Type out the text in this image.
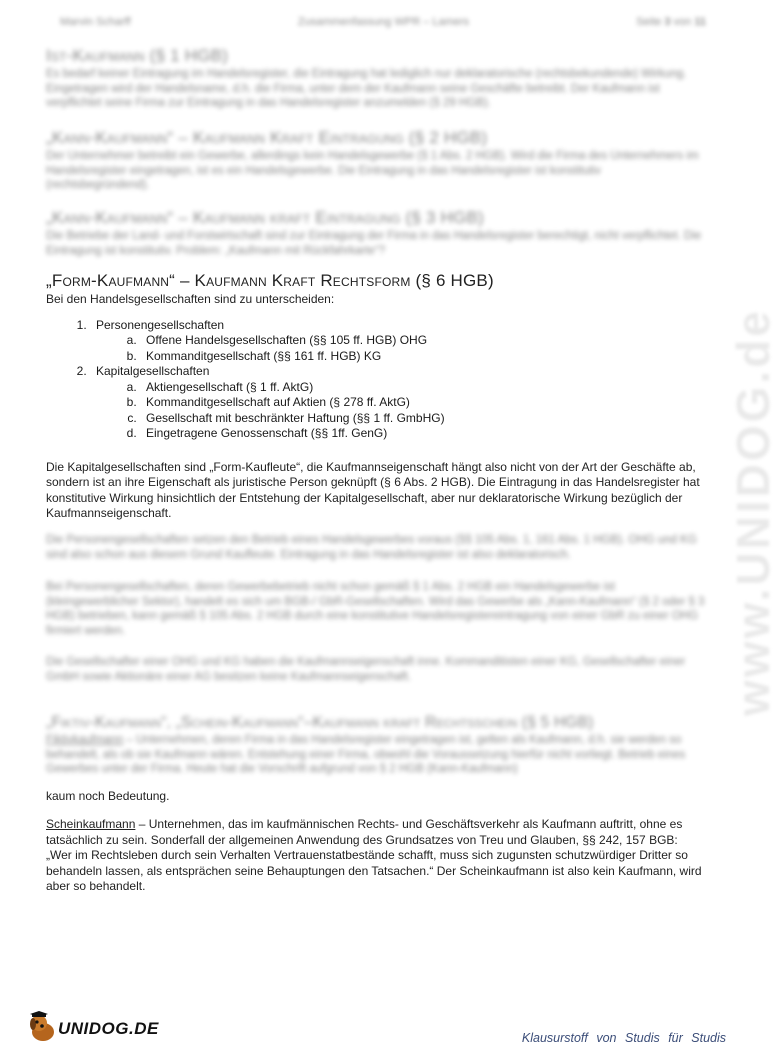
Marvin Scharff	Zusammenfassung WPR – Lamers	Seite 3 von 11
Ist-Kaufmann (§ 1 HGB)

Es bedarf keiner Eintragung im Handelsregister, die Eintragung hat lediglich nur deklaratorische (rechtsbekundende) Wirkung. Eingetragen wird der Handelsname, d.h. die Firma, unter dem der Kaufmann seine Geschäfte betreibt. Der Kaufmann ist verpflichtet seine Firma zur Eintragung in das Handelsregister anzumelden (§ 29 HGB).

„Kann-Kaufmann“ – Kaufmann Kraft Eintragung (§ 2 HGB)

Der Unternehmer betreibt ein Gewerbe, allerdings kein Handelsgewerbe (§ 1 Abs. 2 HGB). Wird die Firma des Unternehmers im Handelsregister eingetragen, ist es ein Handelsgewerbe. Die Eintragung in das Handelsregister ist konstitutiv (rechtsbegründend).

„Kann-Kaufmann“ – Kaufmann kraft Eintragung (§ 3 HGB)

Die Betriebe der Land- und Forstwirtschaft sind zur Eintragung der Firma in das Handelsregister berechtigt, nicht verpflichtet. Die Eintragung ist konstitutiv. Problem: „Kaufmann mit Rückfahrkarte“?

„Form-Kaufmann“ – Kaufmann Kraft Rechtsform (§ 6 HGB)

Bei den Handelsgesellschaften sind zu unterscheiden:

1. Personengesellschaften
a. Offene Handelsgesellschaften (§§ 105 ff. HGB) OHG
b. Kommanditgesellschaft (§§ 161 ff. HGB) KG
2. Kapitalgesellschaften
a. Aktiengesellschaft (§ 1 ff. AktG)
b. Kommanditgesellschaft auf Aktien (§ 278 ff. AktG)
c. Gesellschaft mit beschränkter Haftung (§§ 1 ff. GmbHG)
d. Eingetragene Genossenschaft (§§ 1ff. GenG)

Die Kapitalgesellschaften sind „Form-Kaufleute“, die Kaufmannseigenschaft hängt also nicht von der Art der Geschäfte ab, sondern ist an ihre Eigenschaft als juristische Person geknüpft (§ 6 Abs. 2 HGB). Die Eintragung in das Handelsregister hat konstitutive Wirkung hinsichtlich der Entstehung der Kapitalgesellschaft, aber nur deklaratorische Wirkung bezüglich der Kaufmannseigenschaft.

Die Personengesellschaften setzen den Betrieb eines Handelsgewerbes voraus (§§ 105 Abs. 1, 161 Abs. 1 HGB). OHG und KG sind also schon aus diesem Grund Kaufleute. Eintragung in das Handelsregister ist also deklaratorisch.

Bei Personengesellschaften, deren Gewerbebetrieb nicht schon gemäß § 1 Abs. 2 HGB ein Handelsgewerbe ist (kleingewerblicher Sektor), handelt es sich um BGB-/ GbR-Gesellschaften. Wird das Gewerbe als „Kann-Kaufmann“ (§ 2 oder § 3 HGB) betrieben, kann gemäß § 105 Abs. 2 HGB durch eine konstitutive Handelsregistereintragung von einer GbR zu einer OHG firmiert werden.

Die Gesellschafter einer OHG und KG haben die Kaufmannseigenschaft inne. Kommanditisten einer KG, Gesellschafter einer GmbH sowie Aktionäre einer AG besitzen keine Kaufmannseigenschaft.

„Fiktiv-Kaufmann“, „Schein-Kaufmann“–Kaufmann kraft Rechtsschein (§ 5 HGB)

Fiktivkaufmann – Unternehmen, deren Firma in das Handelsregister eingetragen ist, gelten als Kaufmann, d.h. sie werden so behandelt, als ob sie Kaufmann wären. Entstehung einer Firma, obwohl die Voraussetzung hierfür nicht vorliegt. Betrieb eines Gewerbes unter der Firma. Heute hat die Vorschrift aufgrund von § 2 HGB (Kann-Kaufmann)

kaum noch Bedeutung.

Scheinkaufmann – Unternehmen, das im kaufmännischen Rechts- und Geschäftsverkehr als Kaufmann auftritt, ohne es tatsächlich zu sein. Sonderfall der allgemeinen Anwendung des Grundsatzes von Treu und Glauben, §§ 242, 157 BGB: „Wer im Rechtsleben durch sein Verhalten Vertrauenstatbestände schafft, muss sich zugunsten schutzwürdiger Dritter so behandeln lassen, als entsprächen seine Behauptungen den Tatsachen.“ Der Scheinkaufmann ist also kein Kaufmann, wird aber so behandelt.

www.UNIDOG.de
UNIDOG.DE	Klausurstoff von Studis für Studis
